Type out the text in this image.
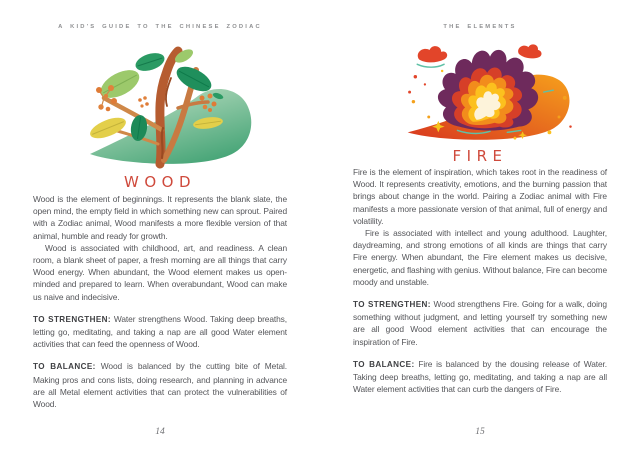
A KID'S GUIDE TO THE CHINESE ZODIAC
WOOD

Wood is the element of beginnings. It represents the blank slate, the open mind, the empty field in which something new can sprout. Paired with a Zodiac animal, Wood manifests a more flexible version of that animal, humble and ready for growth.

Wood is associated with childhood, art, and readiness. A clean room, a blank sheet of paper, a fresh morning are all things that carry Wood energy. When abundant, the Wood element makes us open-minded and prepared to learn. When overabundant, Wood can make us naive and indecisive.

TO STRENGTHEN: Water strengthens Wood. Taking deep breaths, letting go, meditating, and taking a nap are all good Water element activities that can feed the openness of Wood.

TO BALANCE: Wood is balanced by the cutting bite of Metal. Making pros and cons lists, doing research, and planning in advance are all Metal element activities that can protect the vulnerabilities of Wood.

14
THE ELEMENTS
FIRE

Fire is the element of inspiration, which takes root in the readiness of Wood. It represents creativity, emotions, and the burning passion that brings about change in the world. Pairing a Zodiac animal with Fire manifests a more passionate version of that animal, full of energy and volatility.

Fire is associated with intellect and young adulthood. Laughter, daydreaming, and strong emotions of all kinds are things that carry Fire energy. When abundant, the Fire element makes us decisive, energetic, and flashing with genius. Without balance, Fire can become moody and unstable.

TO STRENGTHEN: Wood strengthens Fire. Going for a walk, doing something without judgment, and letting yourself try something new are all good Wood element activities that can encourage the inspiration of Fire.

TO BALANCE: Fire is balanced by the dousing release of Water. Taking deep breaths, letting go, meditating, and taking a nap are all Water element activities that can curb the dangers of Fire.

15
